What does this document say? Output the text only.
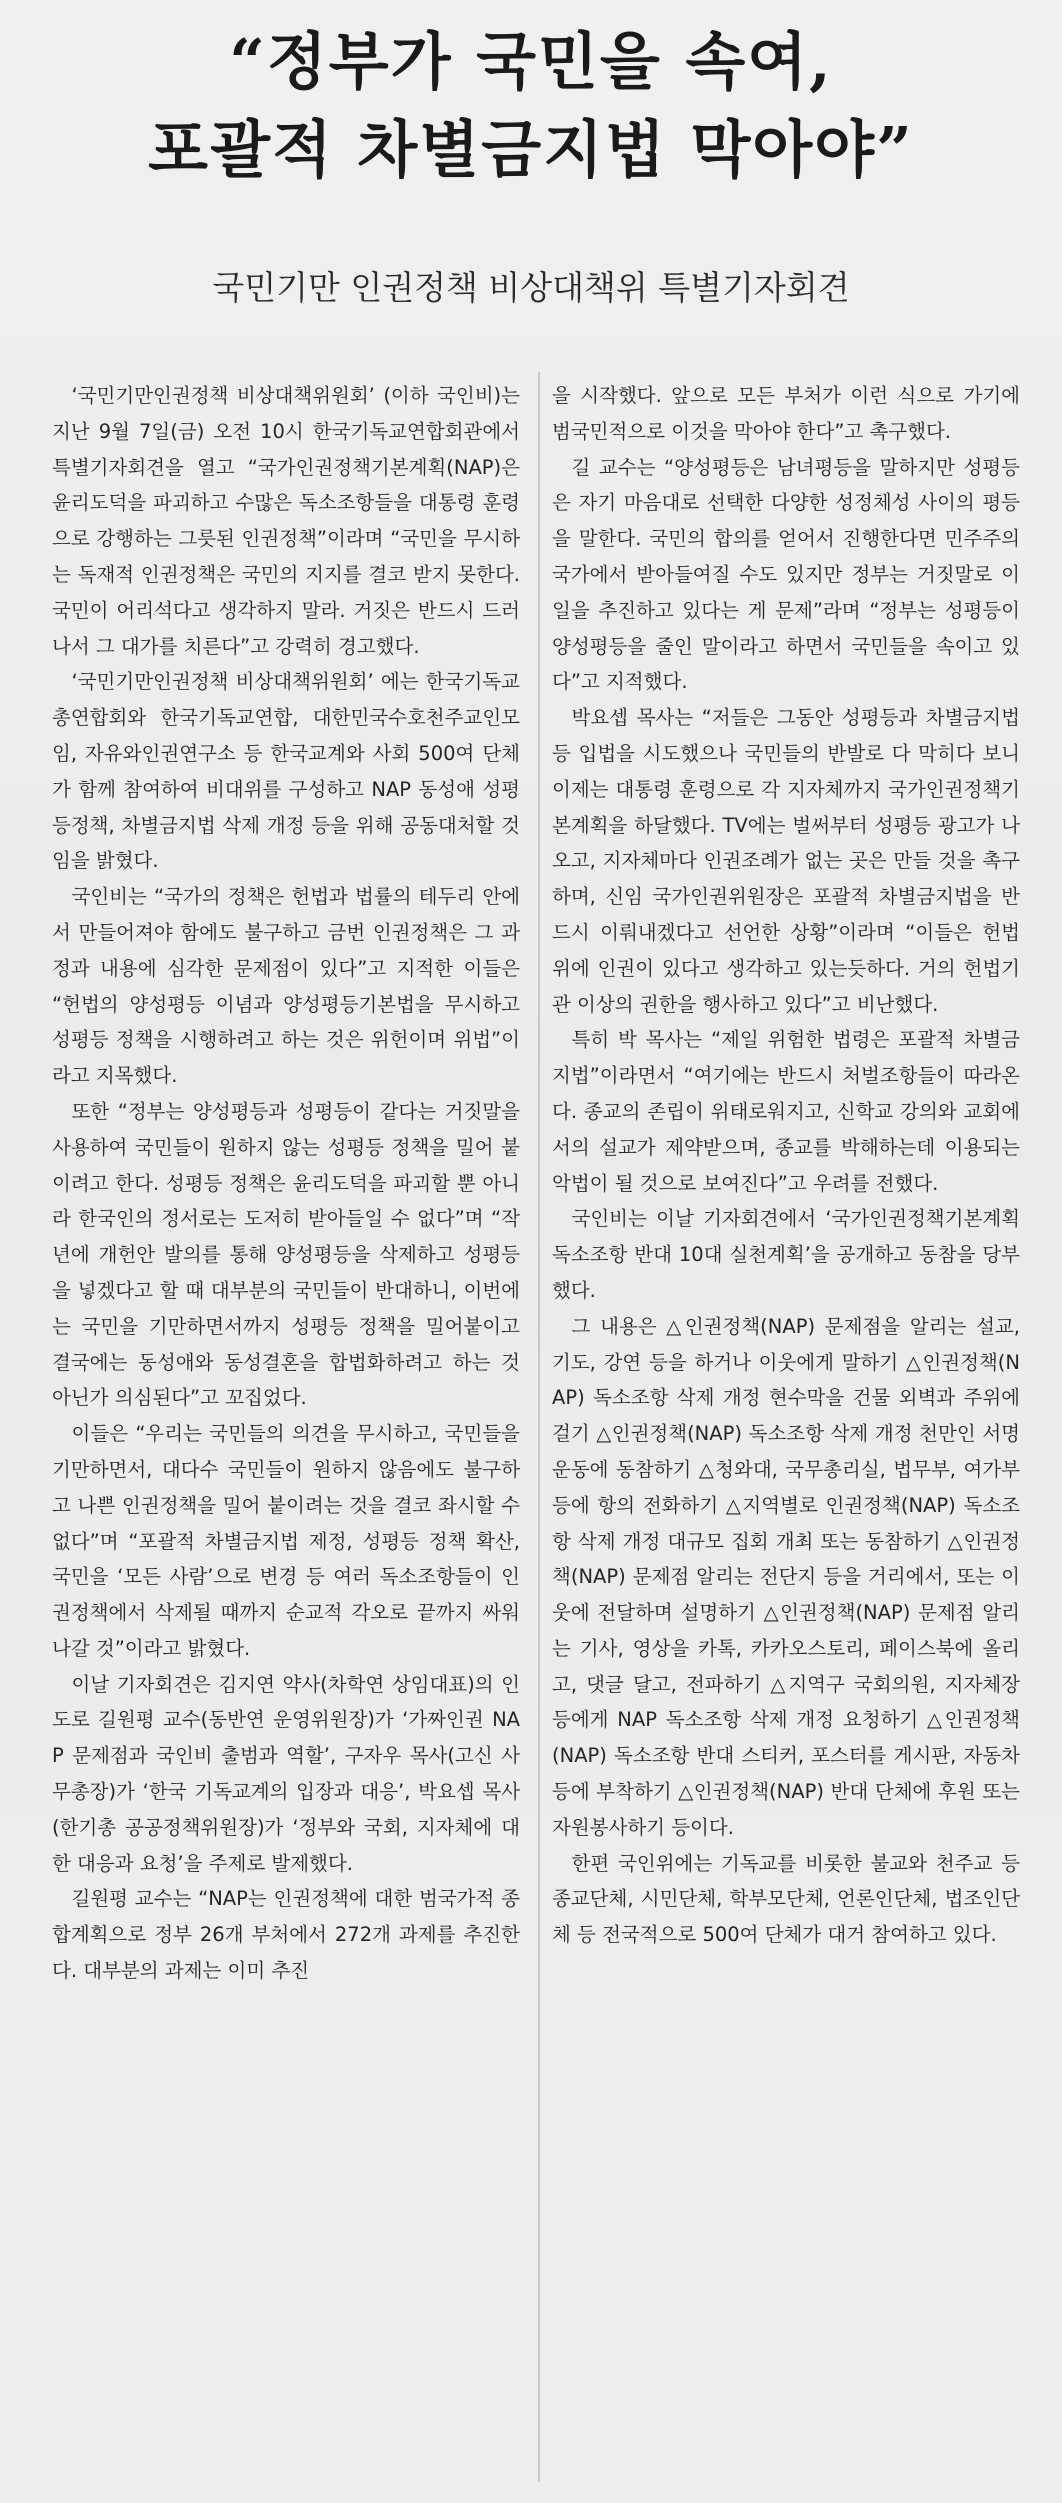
“정부가 국민을 속여,
포괄적 차별금지법 막아야”
국민기만 인권정책 비상대책위 특별기자회견

‘국민기만인권정책 비상대책위원회’ (이하 국인비)는 지난 9월 7일(금) 오전 10시 한국기독교연합회관에서 특별기자회견을 열고 “국가인권정책기본계획(NAP)은 윤리도덕을 파괴하고 수많은 독소조항들을 대통령 훈령으로 강행하는 그릇된 인권정책”이라며 “국민을 무시하는 독재적 인권정책은 국민의 지지를 결코 받지 못한다. 국민이 어리석다고 생각하지 말라. 거짓은 반드시 드러나서 그 대가를 치른다”고 강력히 경고했다.

‘국민기만인권정책 비상대책위원회’ 에는 한국기독교총연합회와 한국기독교연합, 대한민국수호천주교인모임, 자유와인권연구소 등 한국교계와 사회 500여 단체가 함께 참여하여 비대위를 구성하고 NAP 동성애 성평등정책, 차별금지법 삭제 개정 등을 위해 공동대처할 것임을 밝혔다.

국인비는 “국가의 정책은 헌법과 법률의 테두리 안에서 만들어져야 함에도 불구하고 금번 인권정책은 그 과정과 내용에 심각한 문제점이 있다”고 지적한 이들은 “헌법의 양성평등 이념과 양성평등기본법을 무시하고 성평등 정책을 시행하려고 하는 것은 위헌이며 위법”이라고 지목했다.

또한 “정부는 양성평등과 성평등이 같다는 거짓말을 사용하여 국민들이 원하지 않는 성평등 정책을 밀어 붙이려고 한다. 성평등 정책은 윤리도덕을 파괴할 뿐 아니라 한국인의 정서로는 도저히 받아들일 수 없다”며 “작년에 개헌안 발의를 통해 양성평등을 삭제하고 성평등을 넣겠다고 할 때 대부분의 국민들이 반대하니, 이번에는 국민을 기만하면서까지 성평등 정책을 밀어붙이고 결국에는 동성애와 동성결혼을 합법화하려고 하는 것 아닌가 의심된다”고 꼬집었다.

이들은 “우리는 국민들의 의견을 무시하고, 국민들을 기만하면서, 대다수 국민들이 원하지 않음에도 불구하고 나쁜 인권정책을 밀어 붙이려는 것을 결코 좌시할 수 없다”며 “포괄적 차별금지법 제정, 성평등 정책 확산, 국민을 ‘모든 사람’으로 변경 등 여러 독소조항들이 인권정책에서 삭제될 때까지 순교적 각오로 끝까지 싸워나갈 것”이라고 밝혔다.

이날 기자회견은 김지연 약사(차학연 상임대표)의 인도로 길원평 교수(동반연 운영위원장)가 ‘가짜인권 NAP 문제점과 국인비 출범과 역할’, 구자우 목사(고신 사무총장)가 ‘한국 기독교계의 입장과 대응’, 박요셉 목사(한기총 공공정책위원장)가 ‘정부와 국회, 지자체에 대한 대응과 요청’을 주제로 발제했다.

길원평 교수는 “NAP는 인권정책에 대한 범국가적 종합계획으로 정부 26개 부처에서 272개 과제를 추진한다. 대부분의 과제는 이미 추진

을 시작했다. 앞으로 모든 부처가 이런 식으로 가기에 범국민적으로 이것을 막아야 한다”고 촉구했다.

길 교수는 “양성평등은 남녀평등을 말하지만 성평등은 자기 마음대로 선택한 다양한 성정체성 사이의 평등을 말한다. 국민의 합의를 얻어서 진행한다면 민주주의 국가에서 받아들여질 수도 있지만 정부는 거짓말로 이 일을 추진하고 있다는 게 문제”라며 “정부는 성평등이 양성평등을 줄인 말이라고 하면서 국민들을 속이고 있다”고 지적했다.

박요셉 목사는 “저들은 그동안 성평등과 차별금지법 등 입법을 시도했으나 국민들의 반발로 다 막히다 보니 이제는 대통령 훈령으로 각 지자체까지 국가인권정책기본계획을 하달했다. TV에는 벌써부터 성평등 광고가 나오고, 지자체마다 인권조례가 없는 곳은 만들 것을 촉구하며, 신임 국가인권위원장은 포괄적 차별금지법을 반드시 이뤄내겠다고 선언한 상황”이라며 “이들은 헌법 위에 인권이 있다고 생각하고 있는듯하다. 거의 헌법기관 이상의 권한을 행사하고 있다”고 비난했다.

특히 박 목사는 “제일 위험한 법령은 포괄적 차별금지법”이라면서 “여기에는 반드시 처벌조항들이 따라온다. 종교의 존립이 위태로워지고, 신학교 강의와 교회에서의 설교가 제약받으며, 종교를 박해하는데 이용되는 악법이 될 것으로 보여진다”고 우려를 전했다.

국인비는 이날 기자회견에서 ‘국가인권정책기본계획 독소조항 반대 10대 실천계획’을 공개하고 동참을 당부했다.

그 내용은 △인권정책(NAP) 문제점을 알리는 설교, 기도, 강연 등을 하거나 이웃에게 말하기 △인권정책(NAP) 독소조항 삭제 개정 현수막을 건물 외벽과 주위에 걸기 △인권정책(NAP) 독소조항 삭제 개정 천만인 서명운동에 동참하기 △청와대, 국무총리실, 법무부, 여가부 등에 항의 전화하기 △지역별로 인권정책(NAP) 독소조항 삭제 개정 대규모 집회 개최 또는 동참하기 △인권정책(NAP) 문제점 알리는 전단지 등을 거리에서, 또는 이웃에 전달하며 설명하기 △인권정책(NAP) 문제점 알리는 기사, 영상을 카톡, 카카오스토리, 페이스북에 올리고, 댓글 달고, 전파하기 △지역구 국회의원, 지자체장 등에게 NAP 독소조항 삭제 개정 요청하기 △인권정책(NAP) 독소조항 반대 스티커, 포스터를 게시판, 자동차 등에 부착하기 △인권정책(NAP) 반대 단체에 후원 또는 자원봉사하기 등이다.

한편 국인위에는 기독교를 비롯한 불교와 천주교 등 종교단체, 시민단체, 학부모단체, 언론인단체, 법조인단체 등 전국적으로 500여 단체가 대거 참여하고 있다.
